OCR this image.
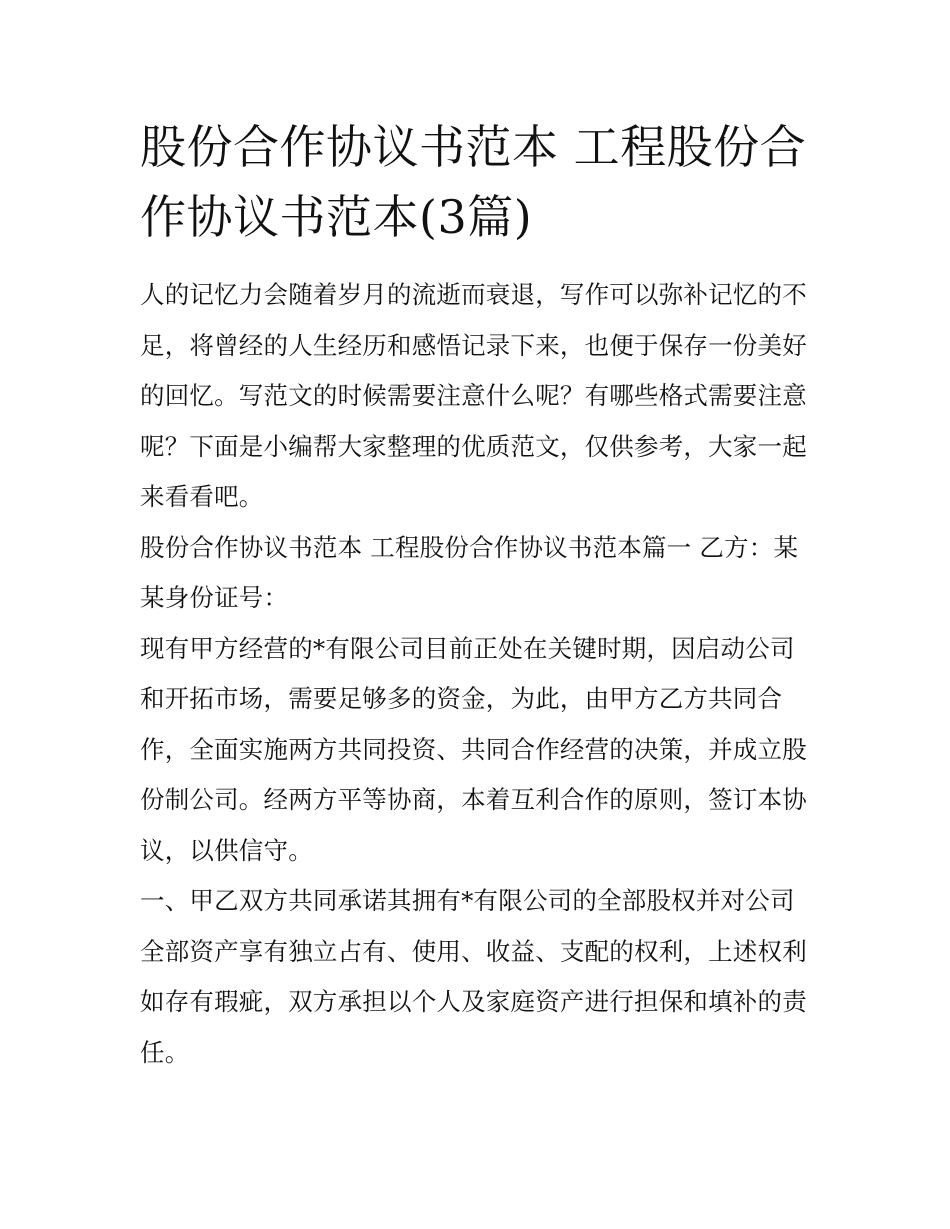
股份合作协议书范本 工程股份合作协议书范本(3篇)

人的记忆力会随着岁月的流逝而衰退，写作可以弥补记忆的不足，将曾经的人生经历和感悟记录下来，也便于保存一份美好的回忆。写范文的时候需要注意什么呢？有哪些格式需要注意呢？下面是小编帮大家整理的优质范文，仅供参考，大家一起来看看吧。

股份合作协议书范本 工程股份合作协议书范本篇一 乙方：某某身份证号：

现有甲方经营的*有限公司目前正处在关键时期，因启动公司和开拓市场，需要足够多的资金，为此，由甲方乙方共同合作，全面实施两方共同投资、共同合作经营的决策，并成立股份制公司。经两方平等协商，本着互利合作的原则，签订本协议，以供信守。

一、甲乙双方共同承诺其拥有*有限公司的全部股权并对公司全部资产享有独立占有、使用、收益、支配的权利，上述权利如存有瑕疵，双方承担以个人及家庭资产进行担保和填补的责任。
